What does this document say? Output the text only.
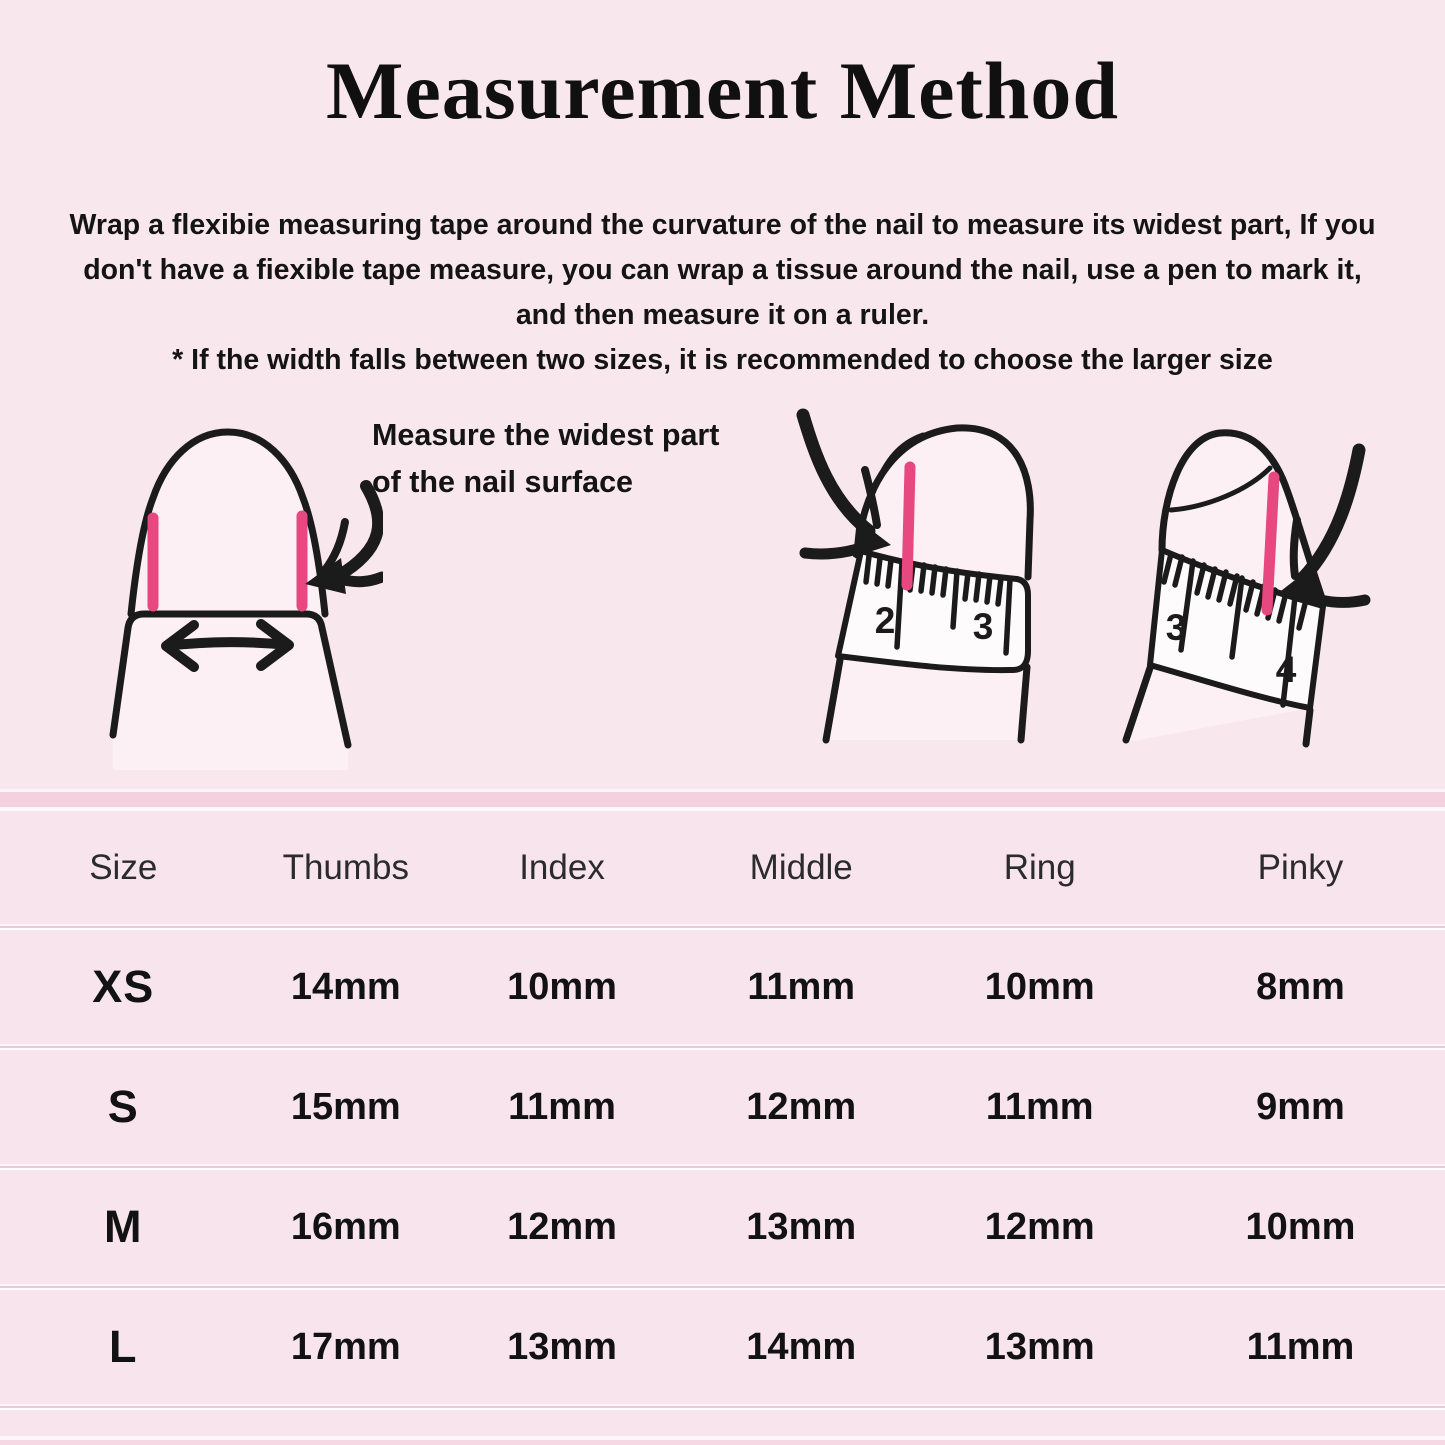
Measurement Method
Wrap a flexibie measuring tape around the curvature of the nail to measure its widest part, If you
don't have a fiexible tape measure, you can wrap a tissue around the nail, use a pen to mark it,
and then measure it on a ruler.
* If the width falls between two sizes, it is recommended to choose the larger size
Measure the widest part
of the nail surface
2 3	3
4
Size	Thumbs	Index	Middle	Ring	Pinky
XS	14mm	10mm	11mm	10mm	8mm
S	15mm	11mm	12mm	11mm	9mm
M	16mm	12mm	13mm	12mm	10mm
L	17mm	13mm	14mm	13mm	11mm
